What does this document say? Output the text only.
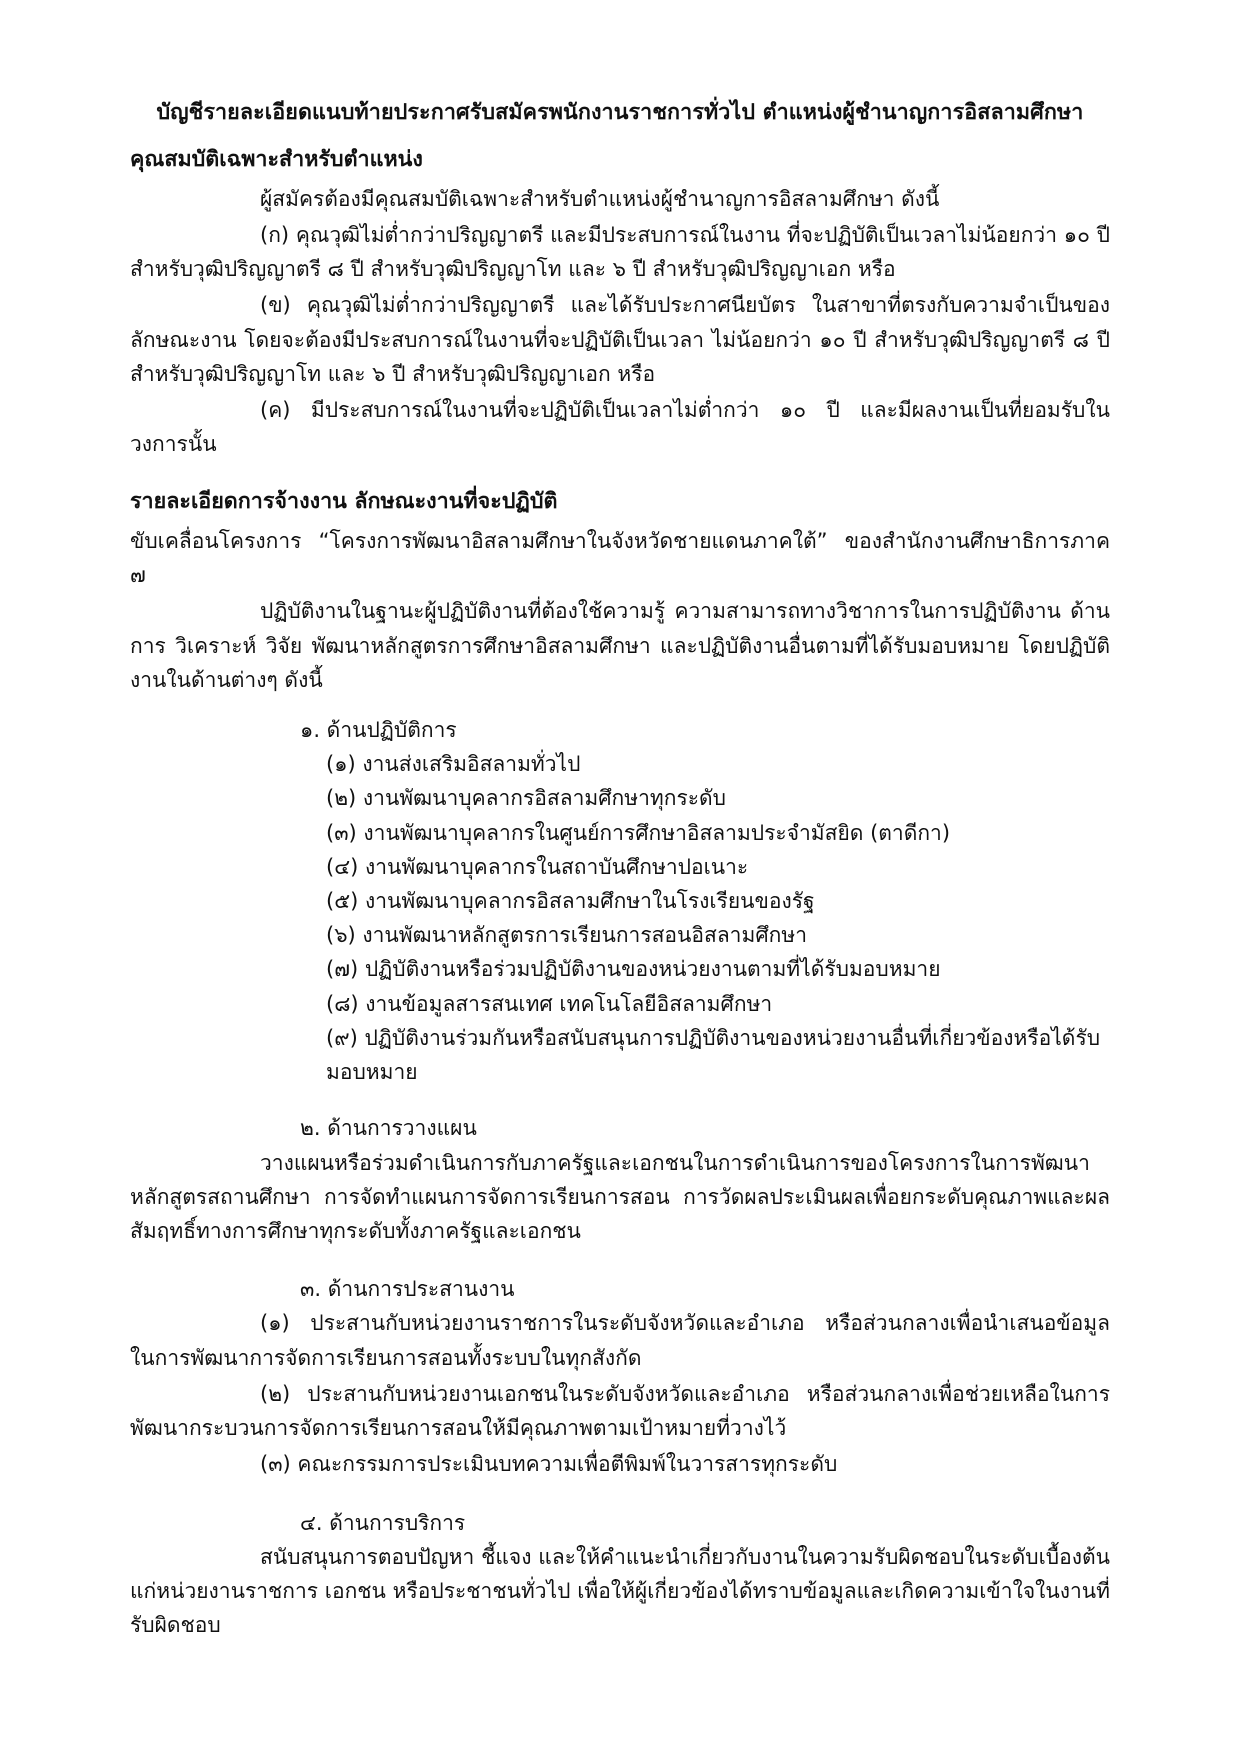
บัญชีรายละเอียดแนบท้ายประกาศรับสมัครพนักงานราชการทั่วไป ตำแหน่งผู้ชำนาญการอิสลามศึกษา
คุณสมบัติเฉพาะสำหรับตำแหน่ง

ผู้สมัครต้องมีคุณสมบัติเฉพาะสำหรับตำแหน่งผู้ชำนาญการอิสลามศึกษา ดังนี้

(ก) คุณวุฒิไม่ต่ำกว่าปริญญาตรี และมีประสบการณ์ในงาน ที่จะปฏิบัติเป็นเวลาไม่น้อยกว่า ๑๐ ปี สำหรับวุฒิปริญญาตรี ๘ ปี สำหรับวุฒิปริญญาโท และ ๖ ปี สำหรับวุฒิปริญญาเอก หรือ

(ข) คุณวุฒิไม่ต่ำกว่าปริญญาตรี และได้รับประกาศนียบัตร ในสาขาที่ตรงกับความจำเป็นของลักษณะงาน โดยจะต้องมีประสบการณ์ในงานที่จะปฏิบัติเป็นเวลา ไม่น้อยกว่า ๑๐ ปี สำหรับวุฒิปริญญาตรี ๘ ปี สำหรับวุฒิปริญญาโท และ ๖ ปี สำหรับวุฒิปริญญาเอก หรือ

(ค) มีประสบการณ์ในงานที่จะปฏิบัติเป็นเวลาไม่ต่ำกว่า ๑๐ ปี และมีผลงานเป็นที่ยอมรับในวงการนั้น

รายละเอียดการจ้างงาน ลักษณะงานที่จะปฏิบัติ

ขับเคลื่อนโครงการ “โครงการพัฒนาอิสลามศึกษาในจังหวัดชายแดนภาคใต้” ของสำนักงานศึกษาธิการภาค ๗

ปฏิบัติงานในฐานะผู้ปฏิบัติงานที่ต้องใช้ความรู้ ความสามารถทางวิชาการในการปฏิบัติงาน ด้านการ วิเคราะห์ วิจัย พัฒนาหลักสูตรการศึกษาอิสลามศึกษา และปฏิบัติงานอื่นตามที่ได้รับมอบหมาย โดยปฏิบัติงานในด้านต่างๆ ดังนี้

๑. ด้านปฏิบัติการ

(๑) งานส่งเสริมอิสลามทั่วไป

(๒) งานพัฒนาบุคลากรอิสลามศึกษาทุกระดับ

(๓) งานพัฒนาบุคลากรในศูนย์การศึกษาอิสลามประจำมัสยิด (ตาดีกา)

(๔) งานพัฒนาบุคลากรในสถาบันศึกษาปอเนาะ

(๕) งานพัฒนาบุคลากรอิสลามศึกษาในโรงเรียนของรัฐ

(๖) งานพัฒนาหลักสูตรการเรียนการสอนอิสลามศึกษา

(๗) ปฏิบัติงานหรือร่วมปฏิบัติงานของหน่วยงานตามที่ได้รับมอบหมาย

(๘) งานข้อมูลสารสนเทศ เทคโนโลยีอิสลามศึกษา

(๙) ปฏิบัติงานร่วมกันหรือสนับสนุนการปฏิบัติงานของหน่วยงานอื่นที่เกี่ยวข้องหรือได้รับมอบหมาย

๒. ด้านการวางแผน

วางแผนหรือร่วมดำเนินการกับภาครัฐและเอกชนในการดำเนินการของโครงการในการพัฒนา หลักสูตรสถานศึกษา การจัดทำแผนการจัดการเรียนการสอน การวัดผลประเมินผลเพื่อยกระดับคุณภาพและผลสัมฤทธิ์ทางการศึกษาทุกระดับทั้งภาครัฐและเอกชน

๓. ด้านการประสานงาน

(๑) ประสานกับหน่วยงานราชการในระดับจังหวัดและอำเภอ หรือส่วนกลางเพื่อนำเสนอข้อมูล ในการพัฒนาการจัดการเรียนการสอนทั้งระบบในทุกสังกัด

(๒) ประสานกับหน่วยงานเอกชนในระดับจังหวัดและอำเภอ หรือส่วนกลางเพื่อช่วยเหลือในการพัฒนากระบวนการจัดการเรียนการสอนให้มีคุณภาพตามเป้าหมายที่วางไว้

(๓) คณะกรรมการประเมินบทความเพื่อตีพิมพ์ในวารสารทุกระดับ

๔. ด้านการบริการ

สนับสนุนการตอบปัญหา ชี้แจง และให้คำแนะนำเกี่ยวกับงานในความรับผิดชอบในระดับเบื้องต้น แก่หน่วยงานราชการ เอกชน หรือประชาชนทั่วไป เพื่อให้ผู้เกี่ยวข้องได้ทราบข้อมูลและเกิดความเข้าใจในงานที่รับผิดชอบ
